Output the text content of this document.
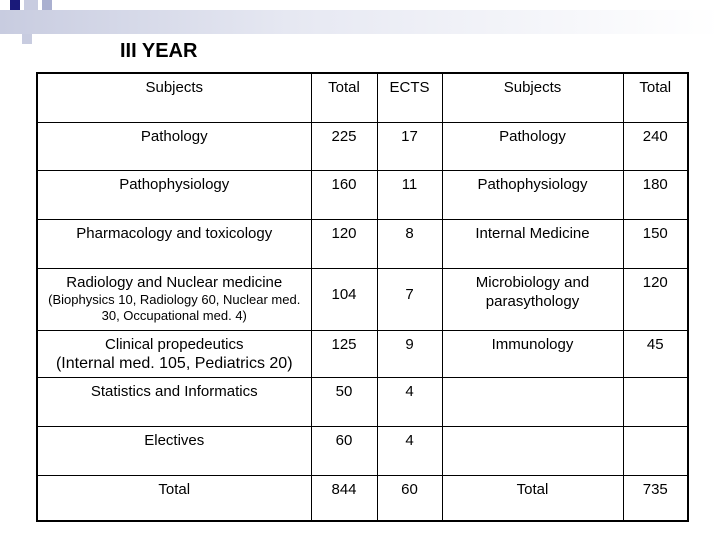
III YEAR
Subjects	Total	ECTS	Subjects	Total
Pathology	225	17	Pathology	240
Pathophysiology	160	11	Pathophysiology	180
Pharmacology and toxicology	120	8	Internal Medicine	150
Radiology and Nuclear medicine
(Biophysics 10, Radiology 60, Nuclear med. 30, Occupational med. 4)	104	7	Microbiology and parasythology	120
Clinical propedeutics
(Internal med. 105, Pediatrics 20)	125	9	Immunology	45
Statistics and Informatics	50	4		
Electives	60	4		
Total	844	60	Total	735
